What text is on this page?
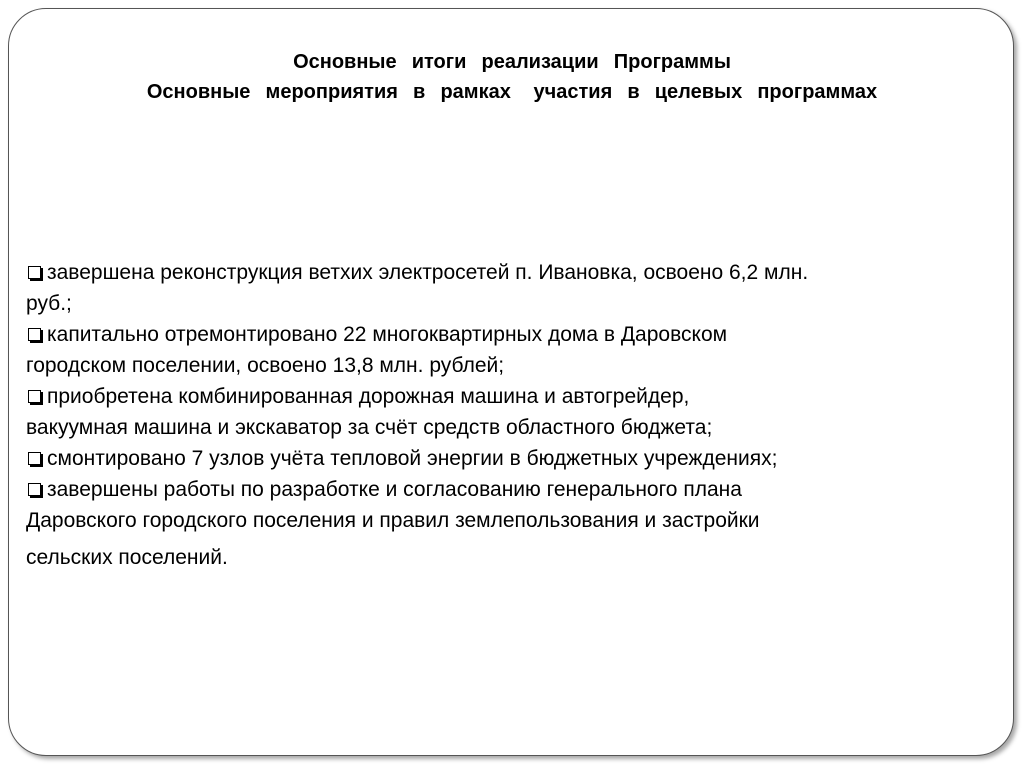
Основные  итоги  реализации  Программы
Основные  мероприятия  в  рамках   участия  в  целевых  программах
завершена реконструкция ветхих электросетей п. Ивановка, освоено 6,2 млн.
руб.;
капитально отремонтировано 22 многоквартирных дома в Даровском
городском поселении, освоено 13,8 млн. рублей;
приобретена комбинированная дорожная машина и автогрейдер,
вакуумная машина и экскаватор за счёт средств областного бюджета;
смонтировано 7 узлов учёта тепловой энергии в бюджетных учреждениях;
завершены работы по разработке и согласованию генерального плана
Даровского городского поселения и правил землепользования и застройки
сельских поселений.
